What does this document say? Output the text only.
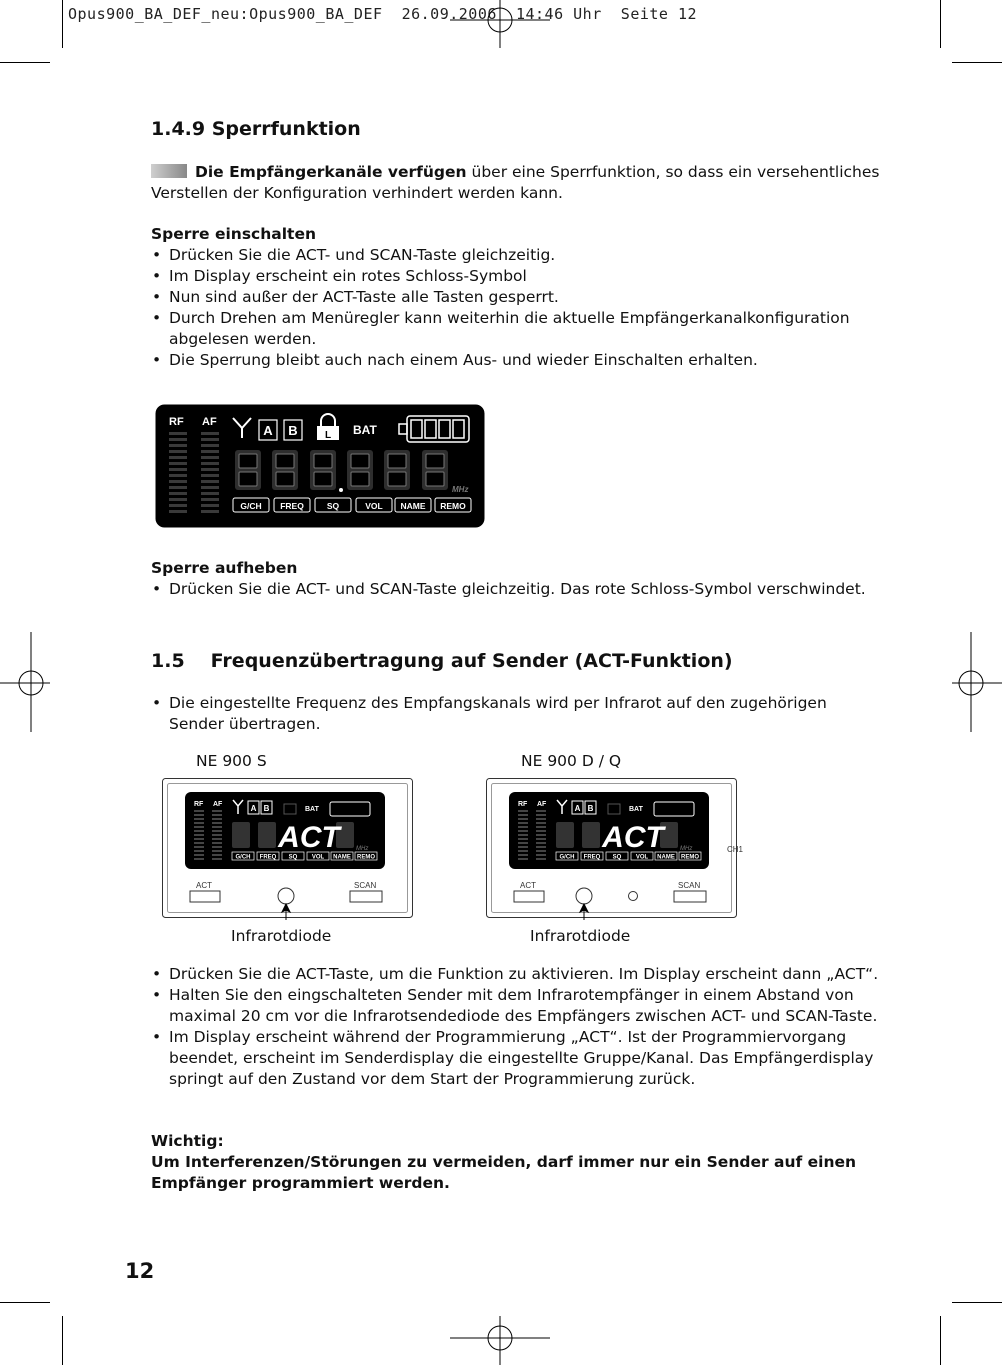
Opus900_BA_DEF_neu:Opus900_BA_DEF  26.09.2006  14:46 Uhr  Seite 12
1.4.9 Sperrfunktion
Die Empfängerkanäle verfügen über eine Sperrfunktion, so dass ein versehentliches
Verstellen der Konfiguration verhindert werden kann.
Sperre einschalten
• Drücken Sie die ACT- und SCAN-Taste gleichzeitig.
• Im Display erscheint ein rotes Schloss-Symbol
• Nun sind außer der ACT-Taste alle Tasten gesperrt.
• Durch Drehen am Menüregler kann weiterhin die aktuelle Empfängerkanalkonfiguration abgelesen werden.
• Die Sperrung bleibt auch nach einem Aus- und wieder Einschalten erhalten.
RF AF
A B	L BAT
MHz
G/CH FREQ	SQ	VOL NAME REMO
Sperre aufheben
• Drücken Sie die ACT- und SCAN-Taste gleichzeitig. Das rote Schloss-Symbol verschwindet.
1.5 Frequenzübertragung auf Sender (ACT-Funktion)
• Die eingestellte Frequenz des Empfangskanals wird per Infrarot auf den zugehörigen Sender übertragen.
NE 900 S	NE 900 D / Q
RF AF	A B	BAT
ACT	MHz
G/CH FREQ SQ VOL NAME REMO
ACT	SCAN
RF AF	A B	BAT
ACT	MHz
G/CH FREQ SQ VOL NAME REMO
CH1
ACT	SCAN
Infrarotdiode	Infrarotdiode
• Drücken Sie die ACT-Taste, um die Funktion zu aktivieren. Im Display erscheint dann „ACT“.
• Halten Sie den eingschalteten Sender mit dem Infrarotempfänger in einem Abstand von maximal 20 cm vor die Infrarotsendediode des Empfängers zwischen ACT- und SCAN-Taste.
• Im Display erscheint während der Programmierung „ACT“. Ist der Programmiervorgang beendet, erscheint im Senderdisplay die eingestellte Gruppe/Kanal. Das Empfängerdisplay springt auf den Zustand vor dem Start der Programmierung zurück.
Wichtig:
Um Interferenzen/Störungen zu vermeiden, darf immer nur ein Sender auf einen Empfänger programmiert werden.
12
